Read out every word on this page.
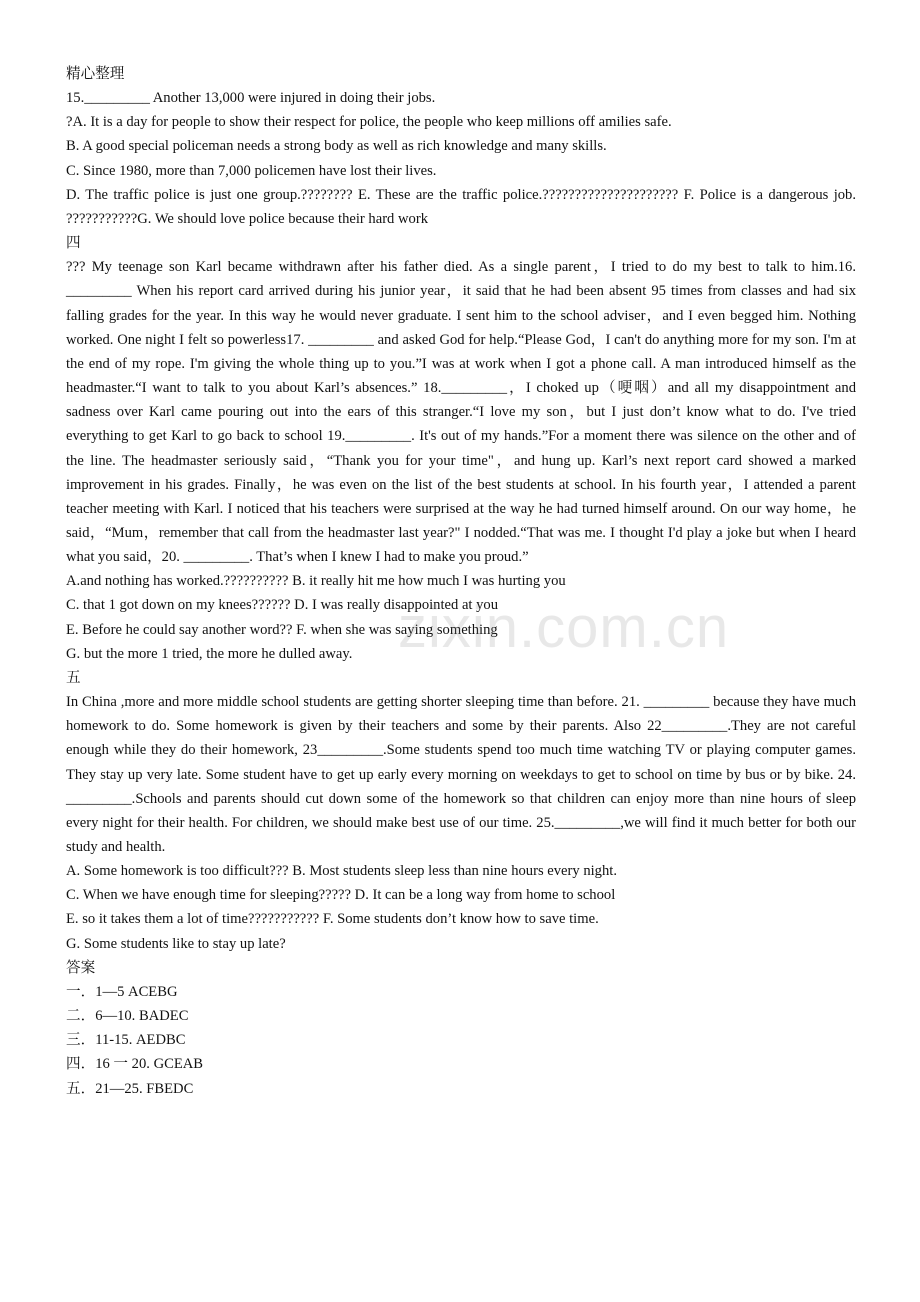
精心整理
15._________ Another 13,000 were injured in doing their jobs.
?A. It is a day for people to show their respect for police, the people who keep millions off amilies safe.
B. A good special policeman needs a strong body as well as rich knowledge and many skills.
C. Since 1980, more than 7,000 policemen have lost their lives.
D. The traffic police is just one group.???????? E. These are the traffic police.????????????????????? F. Police is a dangerous job. ???????????G. We should love police because their hard work
四
??? My teenage son Karl became withdrawn after his father died. As a single parent，I tried to do my best to talk to him.16. _________ When his report card arrived during his junior year，it said that he had been absent 95 times from classes and had six falling grades for the year. In this way he would never graduate. I sent him to the school adviser，and I even begged him. Nothing worked. One night I felt so powerless17. _________ and asked God for help.“Please God，I can't do anything more for my son. I'm at the end of my rope. I'm giving the whole thing up to you.”I was at work when I got a phone call. A man introduced himself as the headmaster.“I want to talk to you about Karl’s absences.” 18._________，I choked up（哽咽）and all my disappointment and sadness over Karl came pouring out into the ears of this stranger.“I love my son，but I just don’t know what to do. I've tried everything to get Karl to go back to school 19._________. It's out of my hands.”For a moment there was silence on the other and of the line. The headmaster seriously said，“Thank you for your time"，and hung up. Karl’s next report card showed a marked improvement in his grades. Finally，he was even on the list of the best students at school. In his fourth year，I attended a parent teacher meeting with Karl. I noticed that his teachers were surprised at the way he had turned himself around. On our way home，he said，“Mum，remember that call from the headmaster last year?" I nodded.“That was me. I thought I'd play a joke but when I heard what you said，20. _________. That’s when I knew I had to make you proud.”
A.and nothing has worked.?????????? B. it really hit me how much I was hurting you
C. that 1 got down on my knees?????? D. I was really disappointed at you
E. Before he could say another word?? F. when she was saying something
G. but the more 1 tried, the more he dulled away.
五
In China ,more and more middle school students are getting shorter sleeping time than before. 21. _________ because they have much homework to do. Some homework is given by their teachers and some by their parents. Also 22_________.They are not careful enough while they do their homework, 23_________.Some students spend too much time watching TV or playing computer games. They stay up very late. Some student have to get up early every morning on weekdays to get to school on time by bus or by bike. 24. _________.Schools and parents should cut down some of the homework so that children can enjoy more than nine hours of sleep every night for their health. For children, we should make best use of our time. 25._________,we will find it much better for both our study and health.
A. Some homework is too difficult??? B. Most students sleep less than nine hours every night.
C. When we have enough time for sleeping????? D. It can be a long way from home to school
E. so it takes them a lot of time??????????? F. Some students don’t know how to save time.
G. Some students like to stay up late?
答案
一．1—5 ACEBG
二．6—10. BADEC
三．11-15. AEDBC
四．16 一 20. GCEAB
五．21—25. FBEDC
zixin.com.cn
